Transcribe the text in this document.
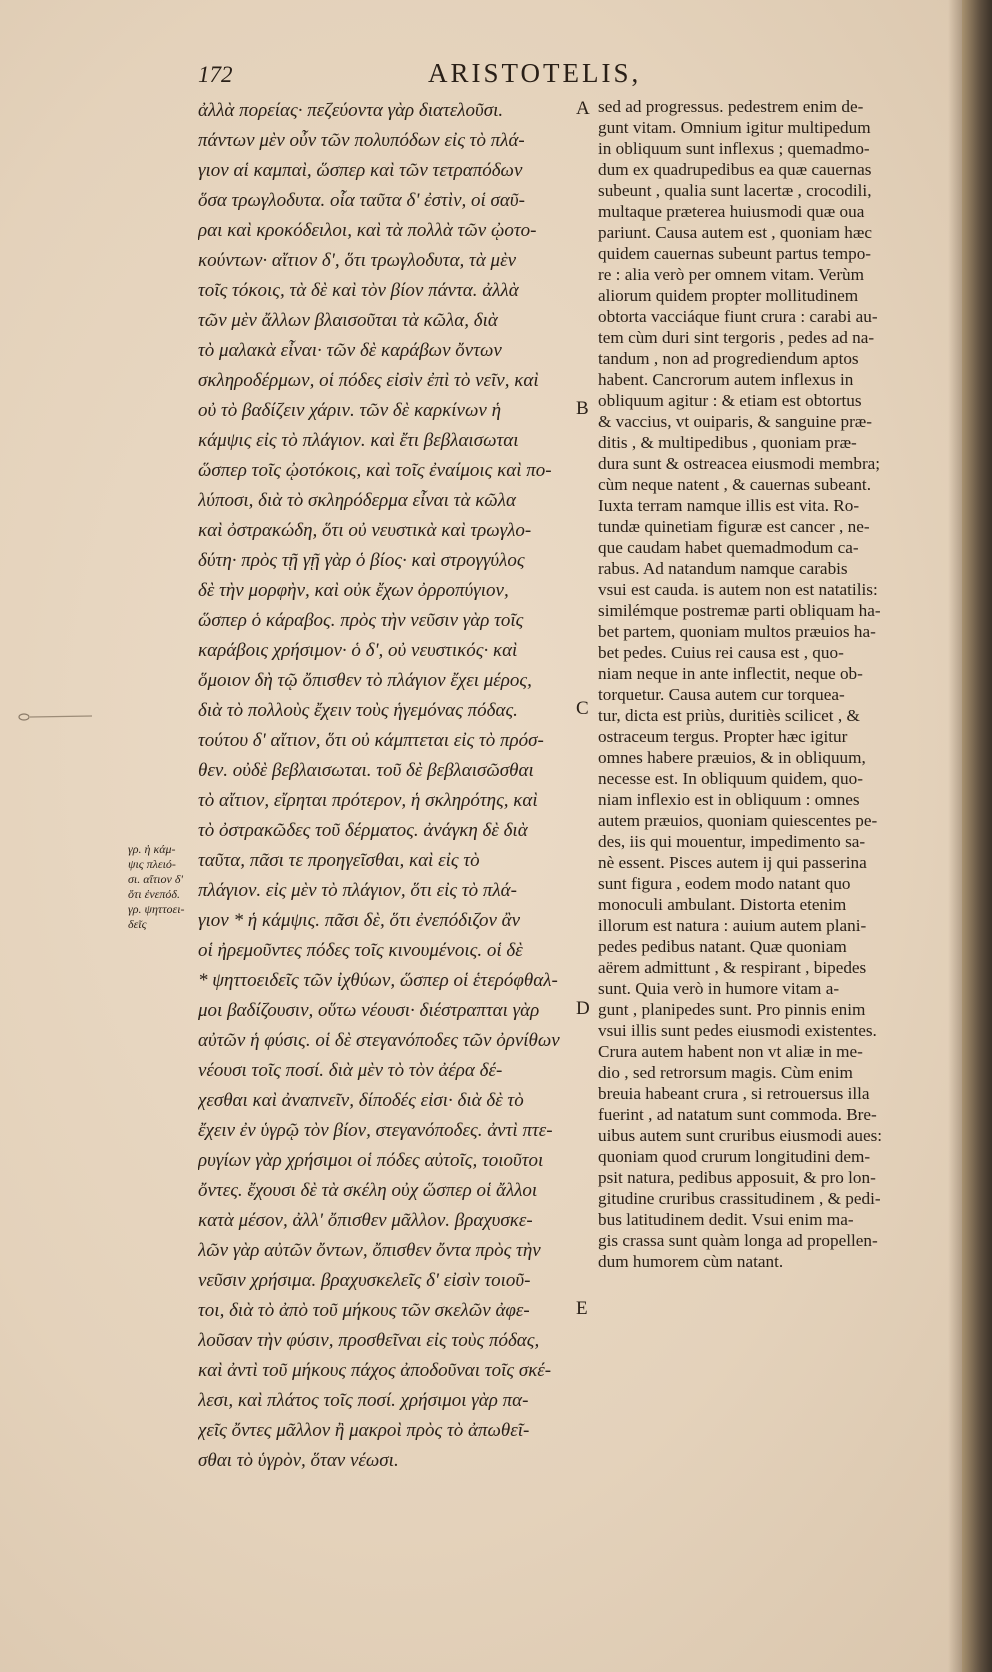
172	ARISTOTELIS,
γρ. ἡ κάμ-
ψις πλειό-
σι. αἴτιον δ'
ὅτι ἐνεπόδ.
γρ. ψηττοει-
δεῖς
ἀλλὰ πορείας· πεζεύοντα γὰρ διατελοῦσι.
πάντων μὲν οὖν τῶν πολυπόδων εἰς τὸ πλά-
γιον αἱ καμπαὶ, ὥσπερ καὶ τῶν τετραπόδων
ὅσα τρωγλοδυτα. οἷα ταῦτα δ' ἐστὶν, οἱ σαῦ-
ραι καὶ κροκόδειλοι, καὶ τὰ πολλὰ τῶν ᾠοτο-
κούντων· αἴτιον δ', ὅτι τρωγλοδυτα, τὰ μὲν
τοῖς τόκοις, τὰ δὲ καὶ τὸν βίον πάντα. ἀλλὰ
τῶν μὲν ἄλλων βλαισοῦται τὰ κῶλα, διὰ
τὸ μαλακὰ εἶναι· τῶν δὲ καράβων ὄντων
σκληροδέρμων, οἱ πόδες εἰσὶν ἐπὶ τὸ νεῖν, καὶ
οὐ τὸ βαδίζειν χάριν. τῶν δὲ καρκίνων ἡ
κάμψις εἰς τὸ πλάγιον. καὶ ἔτι βεβλαισωται
ὥσπερ τοῖς ᾠοτόκοις, καὶ τοῖς ἐναίμοις καὶ πο-
λύποσι, διὰ τὸ σκληρόδερμα εἶναι τὰ κῶλα
καὶ ὀστρακώδη, ὅτι οὐ νευστικὰ καὶ τρωγλο-
δύτη· πρὸς τῇ γῇ γὰρ ὁ βίος· καὶ στρογγύλος
δὲ τὴν μορφὴν, καὶ οὐκ ἔχων ὀρροπύγιον,
ὥσπερ ὁ κάραβος. πρὸς τὴν νεῦσιν γὰρ τοῖς
καράβοις χρήσιμον· ὁ δ', οὐ νευστικός· καὶ
ὅμοιον δὴ τῷ ὄπισθεν τὸ πλάγιον ἔχει μέρος,
διὰ τὸ πολλοὺς ἔχειν τοὺς ἡγεμόνας πόδας.
τούτου δ' αἴτιον, ὅτι οὐ κάμπτεται εἰς τὸ πρόσ-
θεν. οὐδὲ βεβλαισωται. τοῦ δὲ βεβλαισῶσθαι
τὸ αἴτιον, εἴρηται πρότερον, ἡ σκληρότης, καὶ
τὸ ὀστρακῶδες τοῦ δέρματος. ἀνάγκη δὲ διὰ
ταῦτα, πᾶσι τε προηγεῖσθαι, καὶ εἰς τὸ
πλάγιον. εἰς μὲν τὸ πλάγιον, ὅτι εἰς τὸ πλά-
γιον * ἡ κάμψις. πᾶσι δὲ, ὅτι ἐνεπόδιζον ἂν
οἱ ἠρεμοῦντες πόδες τοῖς κινουμένοις. οἱ δὲ
* ψηττοειδεῖς τῶν ἰχθύων, ὥσπερ οἱ ἑτερόφθαλ-
μοι βαδίζουσιν, οὕτω νέουσι· διέστραπται γὰρ
αὐτῶν ἡ φύσις. οἱ δὲ στεγανόποδες τῶν ὀρνίθων
νέουσι τοῖς ποσί. διὰ μὲν τὸ τὸν ἀέρα δέ-
χεσθαι καὶ ἀναπνεῖν, δίποδές εἰσι· διὰ δὲ τὸ
ἔχειν ἐν ὑγρῷ τὸν βίον, στεγανόποδες. ἀντὶ πτε-
ρυγίων γὰρ χρήσιμοι οἱ πόδες αὐτοῖς, τοιοῦτοι
ὄντες. ἔχουσι δὲ τὰ σκέλη οὐχ ὥσπερ οἱ ἄλλοι
κατὰ μέσον, ἀλλ' ὄπισθεν μᾶλλον. βραχυσκε-
λῶν γὰρ αὐτῶν ὄντων, ὄπισθεν ὄντα πρὸς τὴν
νεῦσιν χρήσιμα. βραχυσκελεῖς δ' εἰσὶν τοιοῦ-
τοι, διὰ τὸ ἀπὸ τοῦ μήκους τῶν σκελῶν ἀφε-
λοῦσαν τὴν φύσιν, προσθεῖναι εἰς τοὺς πόδας,
καὶ ἀντὶ τοῦ μήκους πάχος ἀποδοῦναι τοῖς σκέ-
λεσι, καὶ πλάτος τοῖς ποσί. χρήσιμοι γὰρ πα-
χεῖς ὄντες μᾶλλον ἢ μακροὶ πρὸς τὸ ἀπωθεῖ-
σθαι τὸ ὑγρὸν, ὅταν νέωσι.
sed ad progressus. pedestrem enim de-
gunt vitam. Omnium igitur multipedum
in obliquum sunt inflexus ; quemadmo-
dum ex quadrupedibus ea quæ cauernas
subeunt , qualia sunt lacertæ , crocodili,
multaque præterea huiusmodi quæ oua
pariunt. Causa autem est , quoniam hæc
quidem cauernas subeunt partus tempo-
re : alia verò per omnem vitam. Verùm
aliorum quidem propter mollitudinem
obtorta vacciáque fiunt crura : carabi au-
tem cùm duri sint tergoris , pedes ad na-
tandum , non ad progrediendum aptos
habent. Cancrorum autem inflexus in
obliquum agitur : & etiam est obtortus
& vaccius, vt ouiparis, & sanguine præ-
ditis , & multipedibus , quoniam præ-
dura sunt & ostreacea eiusmodi membra;
cùm neque natent , & cauernas subeant.
Iuxta terram namque illis est vita. Ro-
tundæ quinetiam figuræ est cancer , ne-
que caudam habet quemadmodum ca-
rabus. Ad natandum namque carabis
vsui est cauda. is autem non est natatilis:
similémque postremæ parti obliquam ha-
bet partem, quoniam multos præuios ha-
bet pedes. Cuius rei causa est , quo-
niam neque in ante inflectit, neque ob-
torquetur. Causa autem cur torquea-
tur, dicta est priùs, duritiès scilicet , &
ostraceum tergus. Propter hæc igitur
omnes habere præuios, & in obliquum,
necesse est. In obliquum quidem, quo-
niam inflexio est in obliquum : omnes
autem præuios, quoniam quiescentes pe-
des, iis qui mouentur, impedimento sa-
nè essent. Pisces autem ij qui passerina
sunt figura , eodem modo natant quo
monoculi ambulant. Distorta etenim
illorum est natura : auium autem plani-
pedes pedibus natant. Quæ quoniam
aërem admittunt , & respirant , bipedes
sunt. Quia verò in humore vitam a-
gunt , planipedes sunt. Pro pinnis enim
vsui illis sunt pedes eiusmodi existentes.
Crura autem habent non vt aliæ in me-
dio , sed retrorsum magis. Cùm enim
breuia habeant crura , si retrouersus illa
fuerint , ad natatum sunt commoda. Bre-
uibus autem sunt cruribus eiusmodi aues:
quoniam quod crurum longitudini dem-
psit natura, pedibus apposuit, & pro lon-
gitudine cruribus crassitudinem , & pedi-
bus latitudinem dedit. Vsui enim ma-
gis crassa sunt quàm longa ad propellen-
dum humorem cùm natant.
A
B
C
D
E
